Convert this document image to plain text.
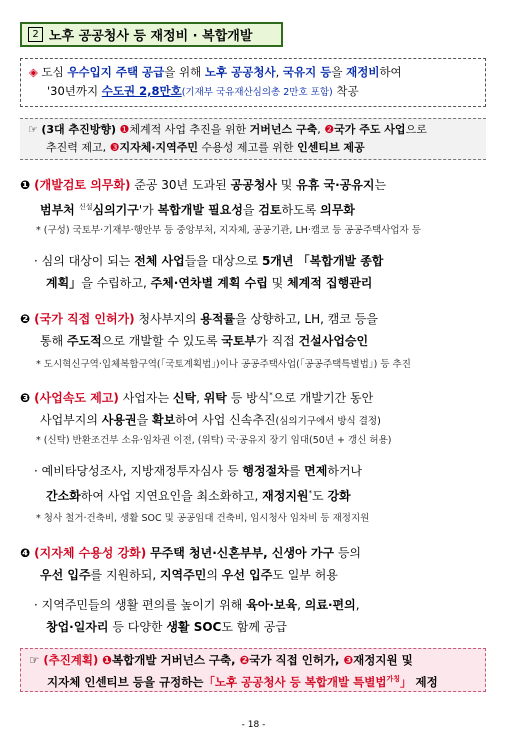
2 노후 공공청사 등 재정비 · 복합개발
◈ 도심 우수입지 주택 공급을 위해 노후 공공청사, 국유지 등을 재정비하여
'30년까지 수도권 2,8만호(기재부 국유재산심의총 2만호 포함) 착공
☞ (3대 추진방향) ❶체계적 사업 추진을 위한 거버넌스 구축, ❷국가 주도 사업으로
추진력 제고, ❸지자체·지역주민 수용성 제고를 위한 인센티브 제공
❶ (개발검토 의무화) 준공 30년 도과된 공공청사 및 유휴 국·공유지는
범부처 $^{신설}$심의기구'가 복합개발 필요성을 검토하도록 의무화
* (구성) 국토부·기재부·행안부 등 중앙부처, 지자체, 공공기관, LH·캠코 등 공공주택사업자 등
· 심의 대상이 되는 전체 사업들을 대상으로 5개년 「복합개발 종합
계획」을 수립하고, 주체·연차별 계획 수립 및 체계적 집행관리
❷ (국가 직접 인허가) 청사부지의 용적률을 상향하고, LH, 캠코 등을
통해 주도적으로 개발할 수 있도록 국토부가 직접 건설사업승인
* 도시혁신구역·입체복합구역(「국토계획법」)이나 공공주택사업(「공공주택특별법」) 등 추진
❸ (사업속도 제고) 사업자는 신탁, 위탁 등 방식*으로 개발기간 동안
사업부지의 사용권을 확보하여 사업 신속추진(심의기구에서 방식 결정)
* (신탁) 반환조건부 소유·임차권 이전, (위탁) 국·공유지 장기 임대(50년 + 갱신 허용)
· 예비타당성조사, 지방재정투자심사 등 행정절차를 면제하거나
간소화하여 사업 지연요인을 최소화하고, 재정지원*도 강화
* 청사 철거·건축비, 생활 SOC 및 공공임대 건축비, 임시청사 임차비 등 재정지원
❹ (지자체 수용성 강화) 무주택 청년·신혼부부, 신생아 가구 등의
우선 입주를 지원하되, 지역주민의 우선 입주도 일부 허용
· 지역주민들의 생활 편의를 높이기 위해 육아·보육, 의료·편의,
창업·일자리 등 다양한 생활 SOC도 함께 공급
☞ (추진계획) ❶복합개발 거버넌스 구축, ❷국가 직접 인허가, ❸재정지원 및
지자체 인센티브 등을 규정하는「노후 공공청사 등 복합개발 특별법$^{가칭}$」 제정
- 18 -
